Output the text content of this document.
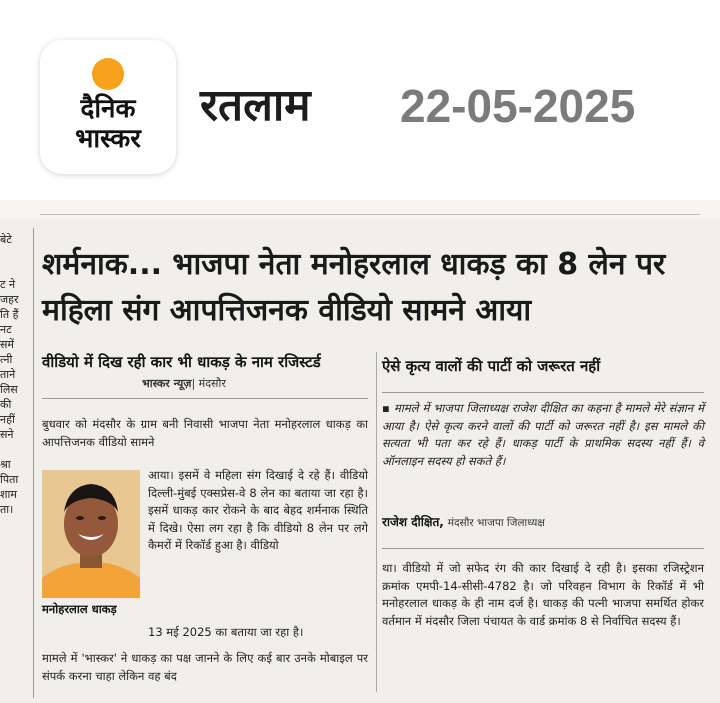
दैनिक
भास्कर
रतलाम 22-05-2025
बेटे
ट ने
जहर
ति हैं
नट
समें
त्नी
ताने
लिस
की
नहीं
सने
श्रा
पिता
शाम
ता।
शर्मनाक... भाजपा नेता मनोहरलाल धाकड़ का 8 लेन पर महिला संग आपत्तिजनक वीडियो सामने आया
वीडियो में दिख रही कार भी धाकड़ के नाम रजिस्टर्ड
भास्कर न्यूज़| मंदसौर
ऐसे कृत्य वालों की पार्टी को जरूरत नहीं
बुधवार को मंदसौर के ग्राम बनी निवासी भाजपा नेता मनोहरलाल धाकड़ का आपत्तिजनक वीडियो सामने
आया। इसमें वे महिला संग दिखाई दे रहे हैं। वीडियो दिल्ली-मुंबई एक्सप्रेस-वे 8 लेन का बताया जा रहा है। इसमें धाकड़ कार रोकने के बाद बेहद शर्मनाक स्थिति में दिखे। ऐसा लग रहा है कि वीडियो 8 लेन पर लगे कैमरों में रिकॉर्ड हुआ है। वीडियो
मनोहरलाल धाकड़
13 मई 2025 का बताया जा रहा है।
मामले में 'भास्कर' ने धाकड़ का पक्ष जानने के लिए कई बार उनके मोबाइल पर संपर्क करना चाहा लेकिन वह बंद
▪ मामले में भाजपा जिलाध्यक्ष राजेश दीक्षित का कहना है मामले मेरे संज्ञान में आया है। ऐसे कृत्य करने वालों की पार्टी को जरूरत नहीं है। इस मामले की सत्यता भी पता कर रहे हैं। धाकड़ पार्टी के प्राथमिक सदस्य नहीं हैं। वे ऑनलाइन सदस्य हो सकते हैं।
राजेश दीक्षित, मंदसौर भाजपा जिलाध्यक्ष
था। वीडियो में जो सफेद रंग की कार दिखाई दे रही है। इसका रजिस्ट्रेशन क्रमांक एमपी-14-सीसी-4782 है। जो परिवहन विभाग के रिकॉर्ड में भी मनोहरलाल धाकड़ के ही नाम दर्ज है। धाकड़ की पत्नी भाजपा समर्थित होकर वर्तमान में मंदसौर जिला पंचायत के वार्ड क्रमांक 8 से निर्वाचित सदस्य हैं।
